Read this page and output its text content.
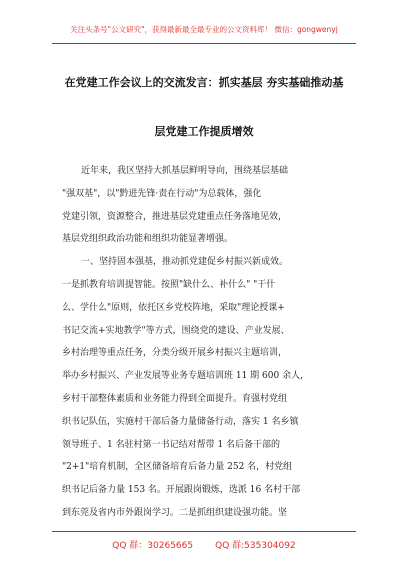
关注头条号"公文研究"，获得最新最全最专业的公文资料库！ 微信：gongwenyj
在党建工作会议上的交流发言：抓实基层 夯实基础推动基
层党建工作提质增效
近年来，我区坚持大抓基层鲜明导向，围绕基层基础
"强双基"，以"黔进先锋·责在行动"为总载体，强化
党建引领，资源整合，推进基层党建重点任务落地见效，
基层党组织政治功能和组织功能显著增强。
一、坚持固本强基，推动抓党建促乡村振兴新成效。
一是抓教育培训提智能。按照"缺什么、补什么" "干什
么、学什么"原则，依托区乡党校阵地，采取"理论授课+
书记交流+实地教学"等方式，围绕党的建设、产业发展、
乡村治理等重点任务，分类分级开展乡村振兴主题培训，
举办乡村振兴、产业发展等业务专题培训班 11 期 600 余人，
乡村干部整体素质和业务能力得到全面提升。育强村党组
织书记队伍，实施村干部后备力量储备行动，落实 1 名乡镇
领导班子、1 名驻村第一书记结对帮带 1 名后备干部的
"2+1"培育机制，全区储备培育后备力量 252 名，村党组
织书记后备力量 153 名。开展跟岗锻炼，选派 16 名村干部
到东莞及省内市外跟岗学习。二是抓组织建设强功能。坚
QQ 群：30265665 QQ 群:535304092
